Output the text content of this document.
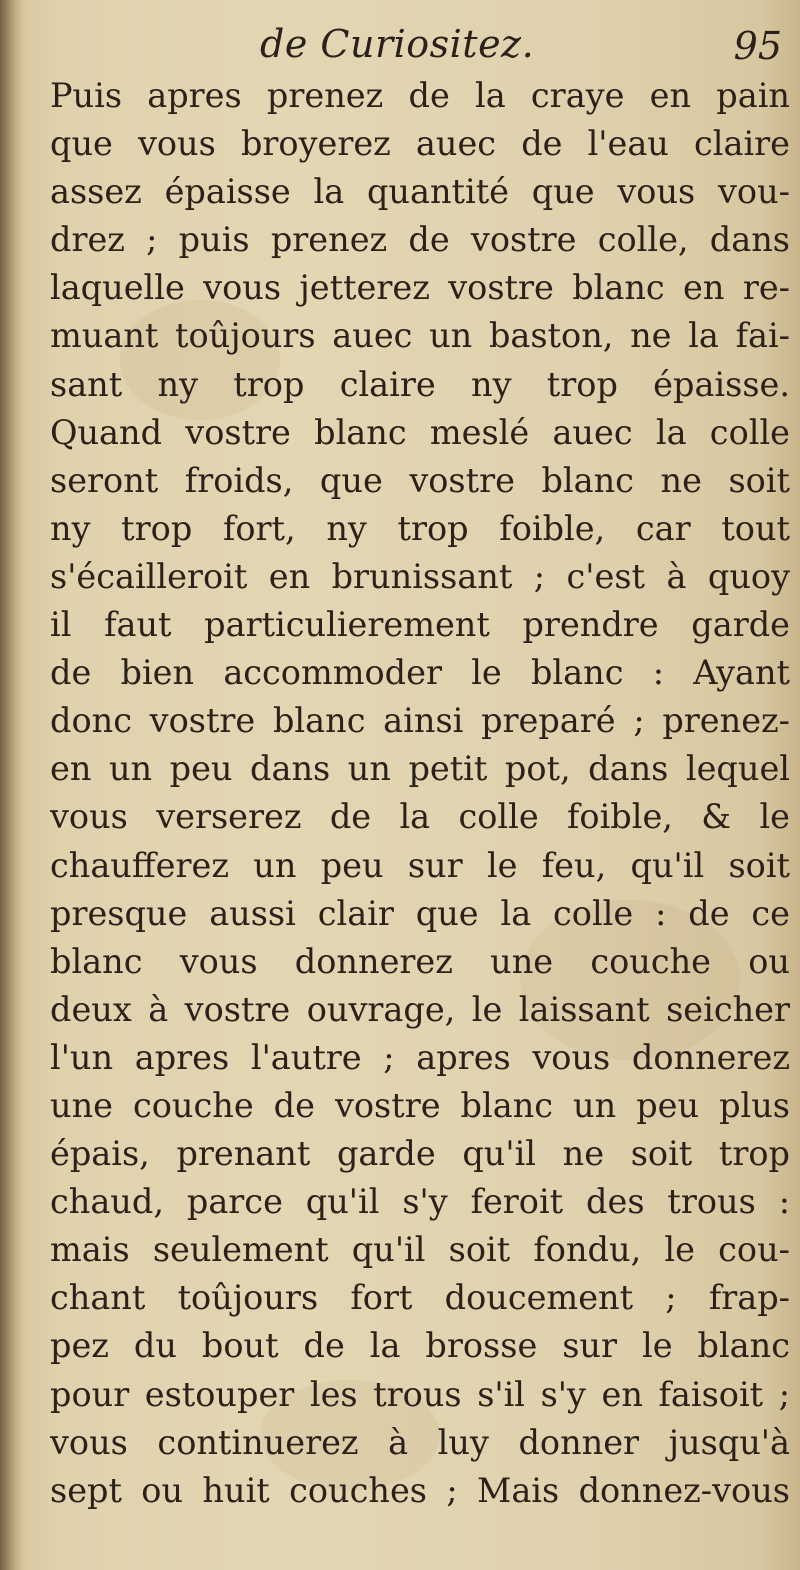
de Curiositez.	95
Puis apres prenez de la craye en pain
que vous broyerez auec de l'eau claire
assez épaisse la quantité que vous vou-
drez ; puis prenez de vostre colle, dans
laquelle vous jetterez vostre blanc en re-
muant toûjours auec un baston, ne la fai-
sant ny trop claire ny trop épaisse.
Quand vostre blanc meslé auec la colle
seront froids, que vostre blanc ne soit
ny trop fort, ny trop foible, car tout
s'écailleroit en brunissant ; c'est à quoy
il faut particulierement prendre garde
de bien accommoder le blanc : Ayant
donc vostre blanc ainsi preparé ; prenez-
en un peu dans un petit pot, dans lequel
vous verserez de la colle foible, & le
chaufferez un peu sur le feu, qu'il soit
presque aussi clair que la colle : de ce
blanc vous donnerez une couche ou
deux à vostre ouvrage, le laissant seicher
l'un apres l'autre ; apres vous donnerez
une couche de vostre blanc un peu plus
épais, prenant garde qu'il ne soit trop
chaud, parce qu'il s'y feroit des trous :
mais seulement qu'il soit fondu, le cou-
chant toûjours fort doucement ; frap-
pez du bout de la brosse sur le blanc
pour estouper les trous s'il s'y en faisoit ;
vous continuerez à luy donner jusqu'à
sept ou huit couches ; Mais donnez-vous
